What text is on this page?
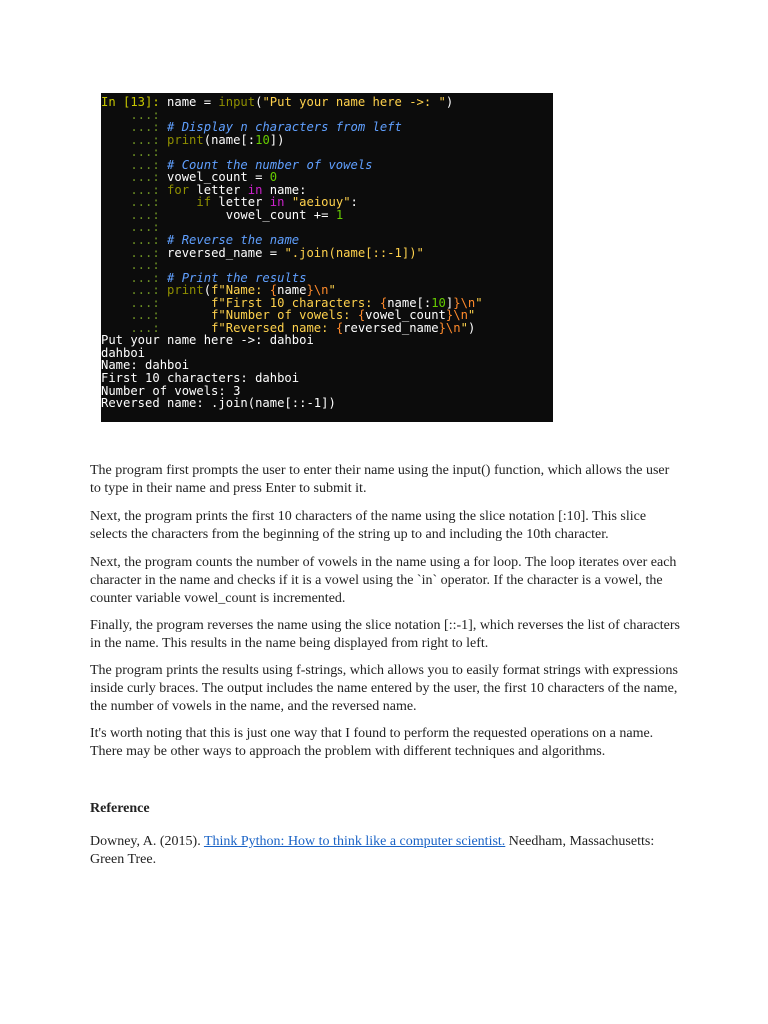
In [13]: name = input("Put your name here ->: ")
...:
...: # Display n characters from left
...: print(name[:10])
...:
...: # Count the number of vowels
...: vowel_count = 0
...: for letter in name:
...:     if letter in "aeiouy":
...:         vowel_count += 1
...:
...: # Reverse the name
...: reversed_name = ".join(name[::-1])"
...:
...: # Print the results
...: print(f"Name: {name}\n"
...:	f"First 10 characters: {name[:10]}\n"
...:	f"Number of vowels: {vowel_count}\n"
...:	f"Reversed name: {reversed_name}\n")
Put your name here ->: dahboi
dahboi
Name: dahboi
First 10 characters: dahboi
Number of vowels: 3
Reversed name: .join(name[::-1])

The program first prompts the user to enter their name using the input() function, which allows the user to type in their name and press Enter to submit it.

Next, the program prints the first 10 characters of the name using the slice notation [:10]. This slice selects the characters from the beginning of the string up to and including the 10th character.

Next, the program counts the number of vowels in the name using a for loop. The loop iterates over each character in the name and checks if it is a vowel using the `in` operator. If the character is a vowel, the counter variable vowel_count is incremented.

Finally, the program reverses the name using the slice notation [::-1], which reverses the list of characters in the name. This results in the name being displayed from right to left.

The program prints the results using f-strings, which allows you to easily format strings with expressions inside curly braces. The output includes the name entered by the user, the first 10 characters of the name, the number of vowels in the name, and the reversed name.

It's worth noting that this is just one way that I found to perform the requested operations on a name. There may be other ways to approach the problem with different techniques and algorithms.

Reference
Downey, A. (2015). Think Python: How to think like a computer scientist. Needham, Massachusetts: Green Tree.
